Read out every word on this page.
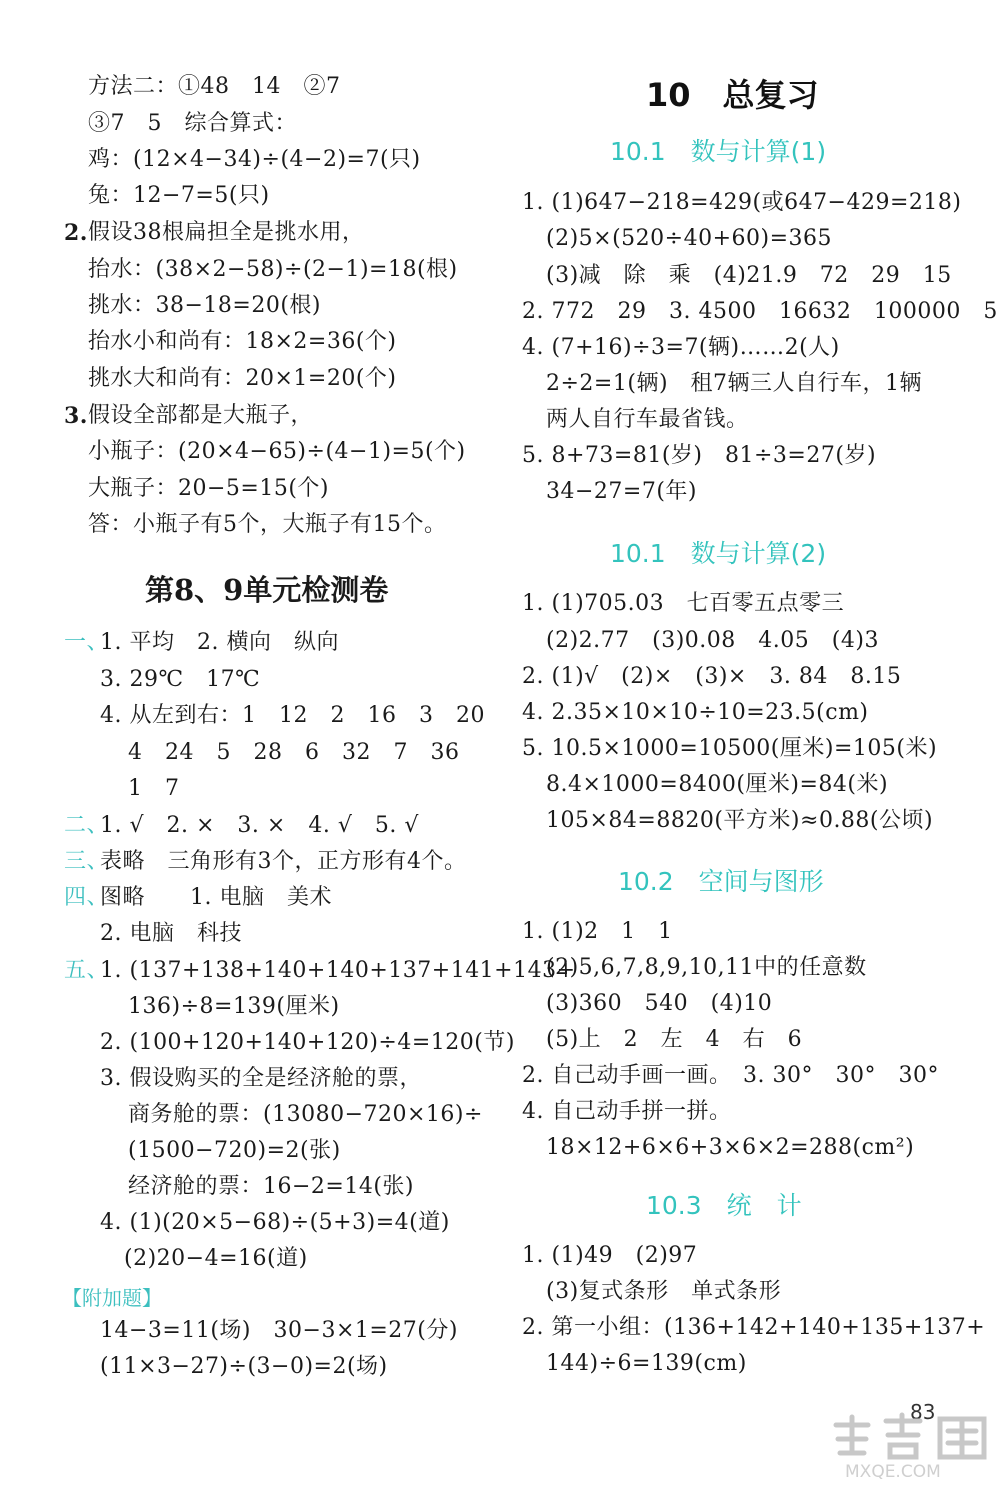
方法二：①48　14　②7
③7　5　综合算式：
鸡：(12×4−34)÷(4−2)=7(只)
兔：12−7=5(只)
2. 假设38根扁担全是挑水用，
抬水：(38×2−58)÷(2−1)=18(根)
挑水：38−18=20(根)
抬水小和尚有：18×2=36(个)
挑水大和尚有：20×1=20(个)
3. 假设全部都是大瓶子，
小瓶子：(20×4−65)÷(4−1)=5(个)
大瓶子：20−5=15(个)
答：小瓶子有5个，大瓶子有15个。
第8、9单元检测卷
一、
1. 平均　2. 横向　纵向
3. 29℃　17℃
4. 从左到右：1　12　2　16　3　20
4　24　5　28　6　32　7　36
1　7
二、
1. √　2. ×　3. ×　4. √　5. √
三、
表略　三角形有3个，正方形有4个。
四、
图略　　1. 电脑　美术
2. 电脑　科技
五、
1. (137+138+140+140+137+141+143+
136)÷8=139(厘米)
2. (100+120+140+120)÷4=120(节)
3. 假设购买的全是经济舱的票，
商务舱的票：(13080−720×16)÷
(1500−720)=2(张)
经济舱的票：16−2=14(张)
4. (1)(20×5−68)÷(5+3)=4(道)
(2)20−4=16(道)
【附加题】
14−3=11(场)　30−3×1=27(分)
(11×3−27)÷(3−0)=2(场)
10　总复习
10.1　数与计算(1)
1. (1)647−218=429(或647−429=218)
(2)5×(520÷40+60)=365
(3)减　除　乘　(4)21.9　72　29　15
2. 772　29　3. 4500　16632　100000　5
4. (7+16)÷3=7(辆)……2(人)
2÷2=1(辆)　租7辆三人自行车，1辆
两人自行车最省钱。
5. 8+73=81(岁)　81÷3=27(岁)
34−27=7(年)
10.1　数与计算(2)
1. (1)705.03　七百零五点零三
(2)2.77　(3)0.08　4.05　(4)3
2. (1)√　(2)×　(3)×　3. 84　8.15
4. 2.35×10×10÷10=23.5(cm)
5. 10.5×1000=10500(厘米)=105(米)
8.4×1000=8400(厘米)=84(米)
105×84=8820(平方米)≈0.88(公顷)
10.2　空间与图形
1. (1)2　1　1
(2)5,6,7,8,9,10,11中的任意数
(3)360　540　(4)10
(5)上　2　左　4　右　6
2. 自己动手画一画。　3. 30°　30°　30°
4. 自己动手拼一拼。
18×12+6×6+3×6×2=288(cm²)
10.3　统　计
1. (1)49　(2)97
(3)复式条形　单式条形
2. 第一小组：(136+142+140+135+137+
144)÷6=139(cm)
83
MXQE.COM
